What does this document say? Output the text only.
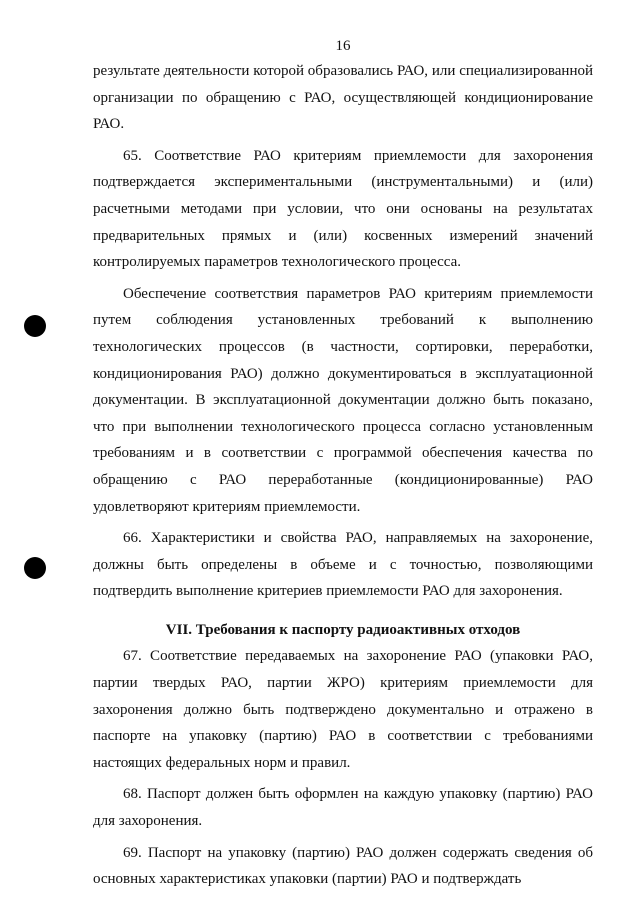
16

результате деятельности которой образовались РАО, или специализированной организации по обращению с РАО, осуществляющей кондиционирование РАО.

65. Соответствие РАО критериям приемлемости для захоронения подтверждается экспериментальными (инструментальными) и (или) расчетными методами при условии, что они основаны на результатах предварительных прямых и (или) косвенных измерений значений контролируемых параметров технологического процесса.

Обеспечение соответствия параметров РАО критериям приемлемости путем соблюдения установленных требований к выполнению технологических процессов (в частности, сортировки, переработки, кондиционирования РАО) должно документироваться в эксплуатационной документации. В эксплуатационной документации должно быть показано, что при выполнении технологического процесса согласно установленным требованиям и в соответствии с программой обеспечения качества по обращению с РАО переработанные (кондиционированные) РАО удовлетворяют критериям приемлемости.

66. Характеристики и свойства РАО, направляемых на захоронение, должны быть определены в объеме и с точностью, позволяющими подтвердить выполнение критериев приемлемости РАО для захоронения.

VII. Требования к паспорту радиоактивных отходов

67. Соответствие передаваемых на захоронение РАО (упаковки РАО, партии твердых РАО, партии ЖРО) критериям приемлемости для захоронения должно быть подтверждено документально и отражено в паспорте на упаковку (партию) РАО в соответствии с требованиями настоящих федеральных норм и правил.

68. Паспорт должен быть оформлен на каждую упаковку (партию) РАО для захоронения.

69. Паспорт на упаковку (партию) РАО должен содержать сведения об основных характеристиках упаковки (партии) РАО и подтверждать
